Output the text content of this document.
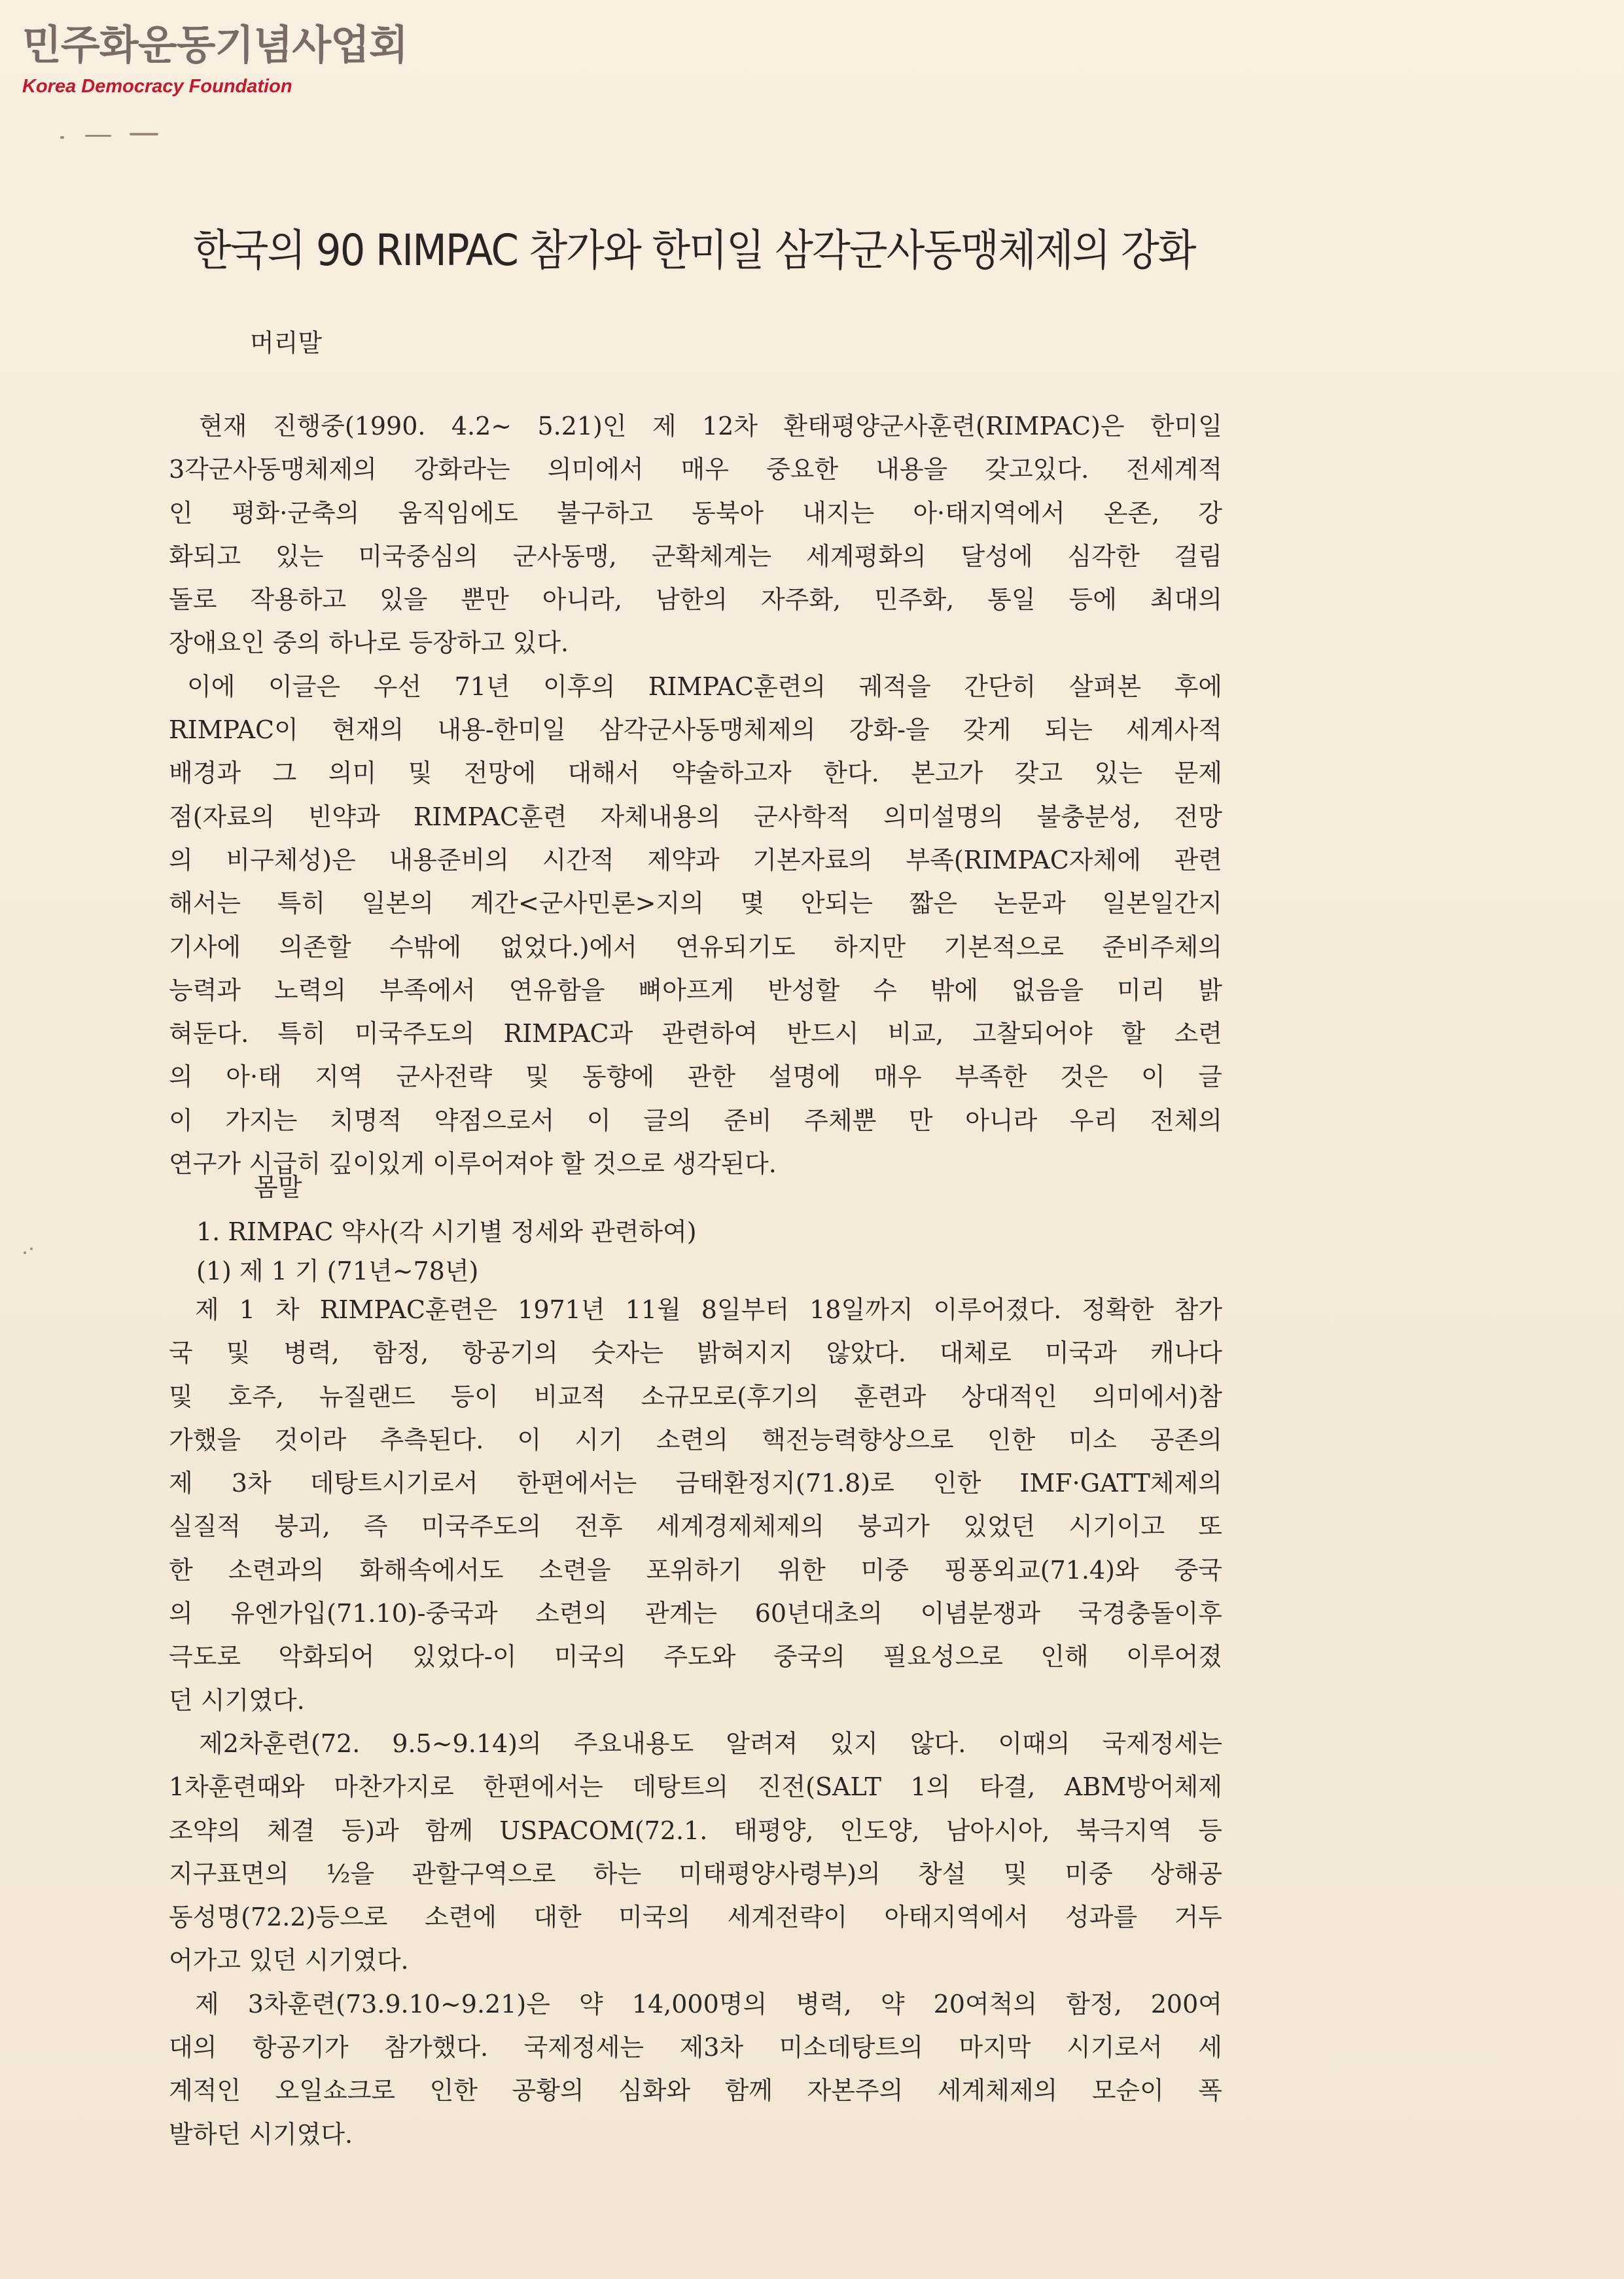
민주화운동기념사업회
Korea Democracy Foundation
한국의 90 RIMPAC 참가와 한미일 삼각군사동맹체제의 강화
머리말
현재 진행중(1990. 4.2∼ 5.21)인 제 12차 환태평양군사훈련(RIMPAC)은 한미일
3각군사동맹체제의 강화라는 의미에서 매우 중요한 내용을 갖고있다. 전세계적
인 평화·군축의 움직임에도 불구하고 동북아 내지는 아·태지역에서 온존, 강
화되고 있는 미국중심의 군사동맹, 군확체계는 세계평화의 달성에 심각한 걸림
돌로 작용하고 있을 뿐만 아니라, 남한의 자주화, 민주화, 통일 등에 최대의
장애요인 중의 하나로 등장하고 있다.
이에 이글은 우선 71년 이후의 RIMPAC훈련의 궤적을 간단히 살펴본 후에
RIMPAC이 현재의 내용-한미일 삼각군사동맹체제의 강화-을 갖게 되는 세계사적
배경과 그 의미 및 전망에 대해서 약술하고자 한다. 본고가 갖고 있는 문제
점(자료의 빈약과 RIMPAC훈련 자체내용의 군사학적 의미설명의 불충분성, 전망
의 비구체성)은 내용준비의 시간적 제약과 기본자료의 부족(RIMPAC자체에 관련
해서는 특히 일본의 계간<군사민론>지의 몇 안되는 짧은 논문과 일본일간지
기사에 의존할 수밖에 없었다.)에서 연유되기도 하지만 기본적으로 준비주체의
능력과 노력의 부족에서 연유함을 뼈아프게 반성할 수 밖에 없음을 미리 밝
혀둔다. 특히 미국주도의 RIMPAC과 관련하여 반드시 비교, 고찰되어야 할 소련
의 아·태 지역 군사전략 및 동향에 관한 설명에 매우 부족한 것은 이 글
이 가지는 치명적 약점으로서 이 글의 준비 주체뿐 만 아니라 우리 전체의
연구가 시급히 깊이있게 이루어져야 할 것으로 생각된다.
몸말
1. RIMPAC 약사(각 시기별 정세와 관련하여)
(1) 제 1 기 (71년∼78년)
제 1 차 RIMPAC훈련은 1971년 11월 8일부터 18일까지 이루어졌다. 정확한 참가
국 및 병력, 함정, 항공기의 숫자는 밝혀지지 않았다. 대체로 미국과 캐나다
및 호주, 뉴질랜드 등이 비교적 소규모로(후기의 훈련과 상대적인 의미에서)참
가했을 것이라 추측된다. 이 시기 소련의 핵전능력향상으로 인한 미소 공존의
제 3차 데탕트시기로서 한편에서는 금태환정지(71.8)로 인한 IMF·GATT체제의
실질적 붕괴, 즉 미국주도의 전후 세계경제체제의 붕괴가 있었던 시기이고 또
한 소련과의 화해속에서도 소련을 포위하기 위한 미중 핑퐁외교(71.4)와 중국
의 유엔가입(71.10)-중국과 소련의 관계는 60년대초의 이념분쟁과 국경충돌이후
극도로 악화되어 있었다-이 미국의 주도와 중국의 필요성으로 인해 이루어졌
던 시기였다.
제2차훈련(72. 9.5∼9.14)의 주요내용도 알려져 있지 않다. 이때의 국제정세는
1차훈련때와 마찬가지로 한편에서는 데탕트의 진전(SALT 1의 타결, ABM방어체제
조약의 체결 등)과 함께 USPACOM(72.1. 태평양, 인도양, 남아시아, 북극지역 등
지구표면의 ½을 관할구역으로 하는 미태평양사령부)의 창설 및 미중 상해공
동성명(72.2)등으로 소련에 대한 미국의 세계전략이 아태지역에서 성과를 거두
어가고 있던 시기였다.
제 3차훈련(73.9.10∼9.21)은 약 14,000명의 병력, 약 20여척의 함정, 200여
대의 항공기가 참가했다. 국제정세는 제3차 미소데탕트의 마지막 시기로서 세
계적인 오일쇼크로 인한 공황의 심화와 함께 자본주의 세계체제의 모순이 폭
발하던 시기였다.
